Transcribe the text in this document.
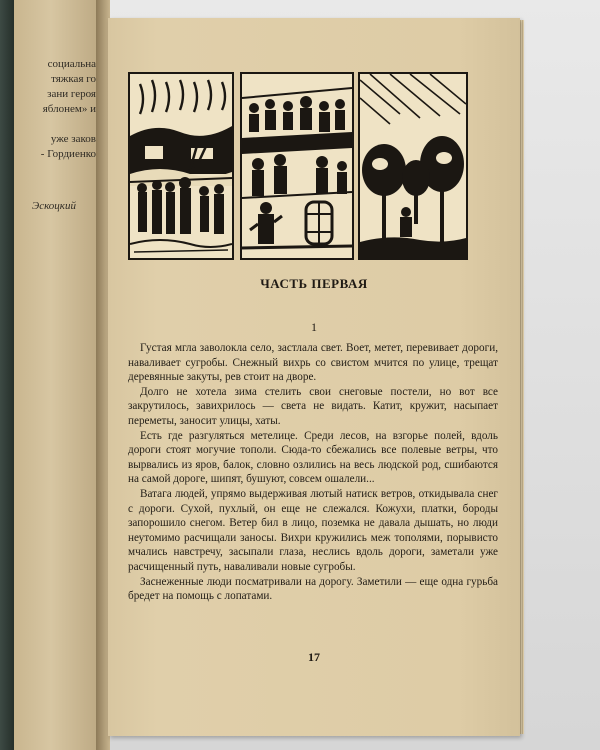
социальна
тяжкая го
зани героя
яблонем» и
уже заков
- Гордиенко
Эскоцкий
ЧАСТЬ ПЕРВАЯ
1

Густая мгла заволокла село, застлала свет. Воет, метет, перевивает дороги, наваливает сугробы. Снежный вихрь со свистом мчится по улице, трещат деревянные закуты, рев стоит на дворе.

Долго не хотела зима стелить свои снеговые постели, но вот все закрутилось, завихрилось — света не видать. Катит, кружит, насыпает переметы, заносит улицы, хаты.

Есть где разгуляться метелице. Среди лесов, на взгорье полей, вдоль дороги стоят могучие тополи. Сюда-то сбежались все полевые ветры, что вырвались из яров, балок, словно озлились на весь людской род, сшибаются на самой дороге, шипят, бушуют, совсем ошалели...

Ватага людей, упрямо выдерживая лютый натиск ветров, откидывала снег с дороги. Сухой, пухлый, он еще не слежался. Кожухи, платки, бороды запорошило снегом. Ветер бил в лицо, поземка не давала дышать, но люди неутомимо расчищали заносы. Вихри кружились меж тополями, порывисто мчались навстречу, засыпали глаза, неслись вдоль дороги, заметали уже расчищенный путь, наваливали новые сугробы.

Заснеженные люди посматривали на дорогу. Заметили — еще одна гурьба бредет на помощь с лопатами.

17
